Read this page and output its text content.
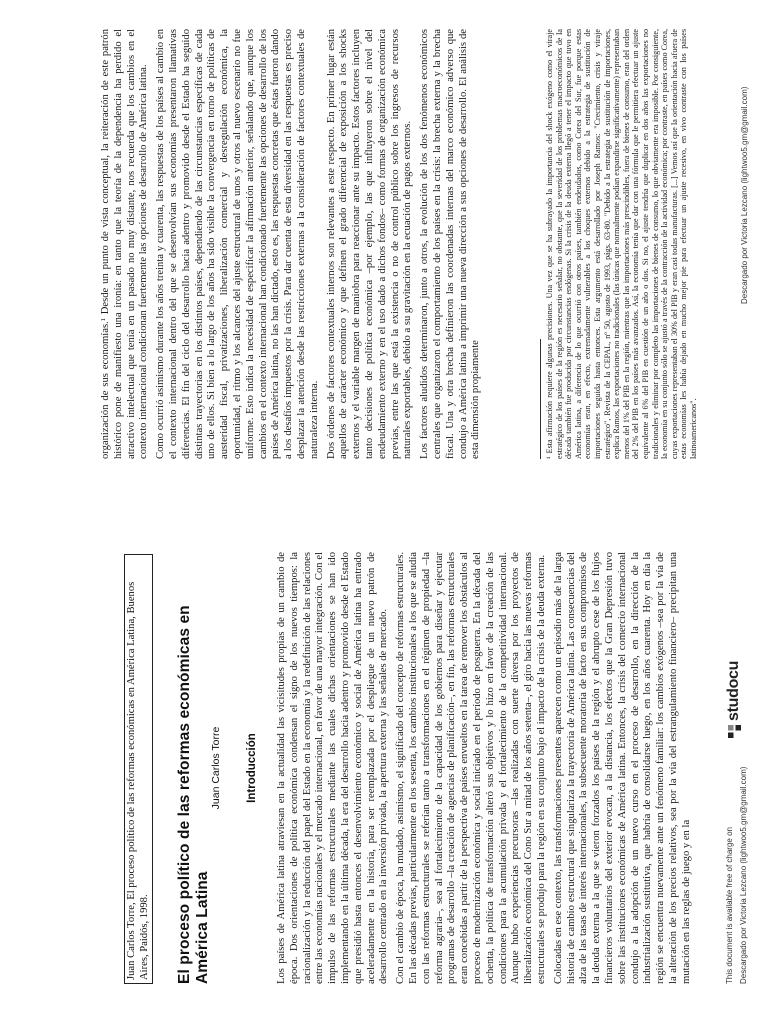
Juan Carlos Torre, El proceso político de las reformas económicas en América Latina, Buenos Aires, Paidós, 1998. El proceso político de las reformas económicas en América Latina
Juan Carlos Torre Introducción Los países de América latina atraviesan en la actualidad las vicisitudes propias de un cambio de época. Dos orientaciones de política económica condensan el signo de los nuevos tiempos: la racionalización y la reducción del papel del Estado en la economía y la redefinición de las relaciones entre las economías nacionales y el mercado internacional, en favor de una mayor integración. Con el impulso de las reformas estructurales mediante las cuales dichas orientaciones se han ido implementando en la última década, la era del desarrollo hacia adentro y promovido desde el Estado que presidió hasta entonces el desenvolvimiento económico y social de América latina ha entrado aceleradamente en la historia, para ser reemplazada por el despliegue de un nuevo patrón de desarrollo centrado en la inversión privada, la apertura externa y las señales de mercado. Con el cambio de época, ha mudado, asimismo, el significado del concepto de reformas estructurales. En las décadas previas, particularmente en los sesenta, los cambios institucionales a los que se aludía con las reformas estructurales se referían tanto a transformaciones en el régimen de propiedad –la reforma agraria–, sea al fortalecimiento de la capacidad de los gobiernos para diseñar y ejecutar programas de desarrollo –la creación de agencias de planificación–, en fin, las reformas estructurales eran concebidas a partir de la perspectiva de países envueltos en la tarea de remover los obstáculos al proceso de modernización económica y social iniciado en el período de posguerra. En la década del ochenta, la política de transformación alteró sus objetivos y lo hizo en favor de la creación de las condiciones para la acumulación privada y el fortalecimiento de la competitividad internacional. Aunque hubo experiencias precursoras –las realizadas con suerte diversa por los proyectos de liberalización económica del Cono Sur a mitad de los años setenta–, el giro hacia las nuevas reformas estructurales se produjo para la región en su conjunto bajo el impacto de la crisis de la deuda externa. Colocadas en ese contexto, las transformaciones presentes aparecen como un episodio más de la larga historia de cambio estructural que singulariza la trayectoria de América latina. Las consecuencias del alza de las tasas de interés internacionales, la subsecuente moratoria de facto en sus compromisos de la deuda externa a la que se vieron forzados los países de la región y el abrupto cese de los flujos financieros voluntarios del exterior evocan, a la distancia, los efectos que la Gran Depresión tuvo sobre las instituciones económicas de América latina. Entonces, la crisis del comercio internacional condujo a la adopción de un nuevo curso en el proceso de desarrollo, en la dirección de la industrialización sustitutiva, que habría de consolidarse luego, en los años cuarenta. Hoy en día la región se encuentra nuevamente ante un fenómeno familiar: los cambios exógenos –sea por la vía de la alteración de los precios relativos, sea por la vía del estrangulamiento financiero– precipitan una mutación en las reglas de juego y en la

organización de sus economías.¹ Desde un punto de vista conceptual, la reiteración de este patrón histórico pone de manifiesto una ironía: en tanto que la teoría de la dependencia ha perdido el atractivo intelectual que tenía en un pasado no muy distante, nos recuerda que los cambios en el contexto internacional condicionan fuertemente las opciones de desarrollo de América latina. Como ocurrió asimismo durante los años treinta y cuarenta, las respuestas de los países al cambio en el contexto internacional dentro del que se desenvolvían sus economías presentaron llamativas diferencias. El fin del ciclo del desarrollo hacia adentro y promovido desde el Estado ha seguido distintas trayectorias en los distintos países, dependiendo de las circunstancias específicas de cada uno de ellos. Si bien a lo largo de los años ha sido visible la convergencia en torno de políticas de austeridad fiscal, privatizaciones, liberalización comercial y desregulación económica, la oportunidad, el ritmo y los alcances del ajuste estructural de unos y otros al nuevo escenario no fue uniforme. Esto indica la necesidad de especificar la afirmación anterior, señalando que, aunque los cambios en el contexto internacional han condicionado fuertemente las opciones de desarrollo de los países de América latina, no las han dictado, esto es, las respuestas concretas que éstas fueron dando a los desafíos impuestos por la crisis. Para dar cuenta de esta diversidad en las respuestas es preciso desplazar la atención desde las restricciones externas a la consideración de factores contextuales de naturaleza interna. Dos órdenes de factores contextuales internos son relevantes a este respecto. En primer lugar están aquellos de carácter económico y que definen el grado diferencial de exposición a los shocks externos y el variable margen de maniobra para reaccionar ante su impacto. Estos factores incluyen tanto decisiones de política económica –por ejemplo, las que influyeron sobre el nivel del endeudamiento externo y en el uso dado a dichos fondos– como formas de organización económica previas, entre las que está la existencia o no de control público sobre los ingresos de recursos naturales exportables, debido a su gravitación en la ecuación de pagos externos. Los factores aludidos determinaron, junto a otros, la evolución de los dos fenómenos económicos centrales que organizaron el comportamiento de los países en la crisis: la brecha externa y la brecha fiscal. Una y otra brecha definieron las coordenadas internas del marco económico adverso que condujo a América latina a imprimir una nueva dirección a sus opciones de desarrollo. El análisis de esta dimensión propiamente	¹ Esta afirmación requiere algunas precisiones. Una vez que se ha subrayado la importancia del shock exógeno como el viraje estratégico de los países de la región es necesario señalar, no obstante, que la severidad de los problemas macroeconómicos de la década también fue producida por circunstancias endógenas. Si la crisis de la deuda externa llegó a tener el impacto que tuvo en América latina, a diferencia de lo que ocurrió con otros países, también endeudados, como Corea del Sur, fue porque estas economías eran, en efecto, extremadamente vulnerables a los choques externos debido a la estrategia de sustitución de importaciones seguida hasta entonces. Esta argumento está desarrollado por Joseph Ramos: "Crecimiento, crisis y viraje estratégico", Revista de la CEPAL, nº 50, agosto de 1993, págs. 63-80. "Debido a la estrategia de sustitución de importaciones, explica Ramos, las exportaciones no tradicionales (las únicas que normalmente podían expandirse significativamente) representaban menos del 1% del PIB en la región, mientras que las importaciones más prescindibles, fuera de bienes de consumo, eran del orden del 2% del PIB en los países más avanzados. Así, la economía tenía que dar con una fórmula que le permitiera efectuar un ajuste equivalente al 6% del PIB en cuestión de un año o dos. Si no, el ajuste tendría que duplicar en dos años las exportaciones no tradicionales y eliminar por completo las importaciones de bienes de consumo, lo que obviamente era imposible. Por consiguiente, la economía en su conjunto sólo se ajustó a través de la contracción de la actividad económica; por contraste, en países como Corea, cuyas exportaciones representaban el 30% del PIB y eran casi todas manufacturas. [...] Vemos así que la orientación hacia afuera de estas economías les había dejado en mucho mejor pie para efectuar un ajuste recesivo, en vivo contraste con los países latinoamericanos".
This document is available free of charge on
studocu
Descargado por Victoria Lezcano (lightwoo5.gm@gmail.com)
Descargado por Victoria Lezcano (lightwoo5.gm@gmail.com)
